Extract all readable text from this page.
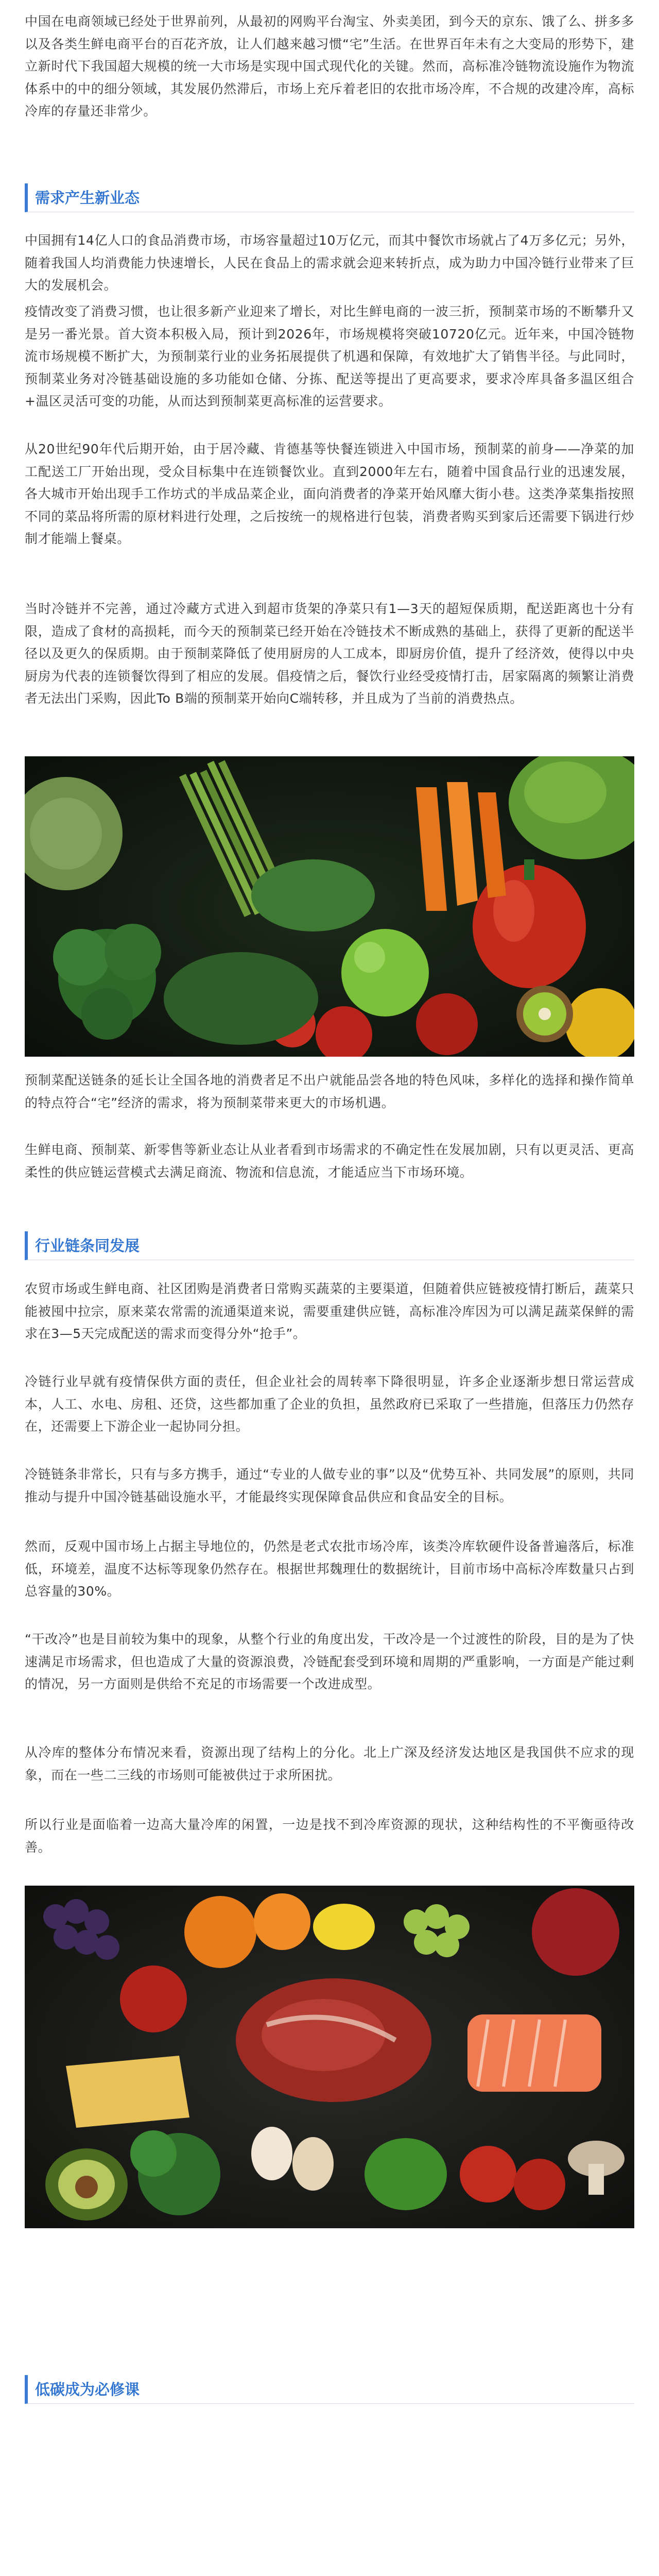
中国在电商领域已经处于世界前列，从最初的网购平台淘宝、外卖美团，到今天的京东、饿了么、拼多多以及各类生鲜电商平台的百花齐放，让人们越来越习惯“宅”生活。在世界百年未有之大变局的形势下，建立新时代下我国超大规模的统一大市场是实现中国式现代化的关键。然而，高标准冷链物流设施作为物流体系中的中的细分领域，其发展仍然滞后，市场上充斥着老旧的农批市场冷库，不合规的改建冷库，高标冷库的存量还非常少。

需求产生新业态

中国拥有14亿人口的食品消费市场，市场容量超过10万亿元，而其中餐饮市场就占了4万多亿元；另外，随着我国人均消费能力快速增长，人民在食品上的需求就会迎来转折点，成为助力中国冷链行业带来了巨大的发展机会。

疫情改变了消费习惯，也让很多新产业迎来了增长，对比生鲜电商的一波三折，预制菜市场的不断攀升又是另一番光景。首大资本积极入局，预计到2026年，市场规模将突破10720亿元。近年来，中国冷链物流市场规模不断扩大，为预制菜行业的业务拓展提供了机遇和保障，有效地扩大了销售半径。与此同时，预制菜业务对冷链基础设施的多功能如仓储、分拣、配送等提出了更高要求，要求冷库具备多温区组合+温区灵活可变的功能，从而达到预制菜更高标准的运营要求。

从20世纪90年代后期开始，由于居冷藏、肯德基等快餐连锁进入中国市场，预制菜的前身——净菜的加工配送工厂开始出现，受众目标集中在连锁餐饮业。直到2000年左右，随着中国食品行业的迅速发展，各大城市开始出现手工作坊式的半成品菜企业，面向消费者的净菜开始风靡大街小巷。这类净菜集指按照不同的菜品将所需的原材料进行处理，之后按统一的规格进行包装，消费者购买到家后还需要下锅进行炒制才能端上餐桌。

当时冷链并不完善，通过冷藏方式进入到超市货架的净菜只有1—3天的超短保质期，配送距离也十分有限，造成了食材的高损耗，而今天的预制菜已经开始在冷链技术不断成熟的基础上，获得了更新的配送半径以及更久的保质期。由于预制菜降低了使用厨房的人工成本，即厨房价值，提升了经济效，使得以中央厨房为代表的连锁餐饮得到了相应的发展。倡疫情之后，餐饮行业经受疫情打击，居家隔离的频繁让消费者无法出门采购，因此To B端的预制菜开始向C端转移，并且成为了当前的消费热点。

预制菜配送链条的延长让全国各地的消费者足不出户就能品尝各地的特色风味，多样化的选择和操作简单的特点符合“宅”经济的需求，将为预制菜带来更大的市场机遇。

生鲜电商、预制菜、新零售等新业态让从业者看到市场需求的不确定性在发展加剧，只有以更灵活、更高柔性的供应链运营模式去满足商流、物流和信息流，才能适应当下市场环境。

行业链条同发展

农贸市场或生鲜电商、社区团购是消费者日常购买蔬菜的主要渠道，但随着供应链被疫情打断后，蔬菜只能被囤中拉宗，原来菜农常需的流通渠道来说，需要重建供应链，高标准冷库因为可以满足蔬菜保鲜的需求在3—5天完成配送的需求而变得分外“抢手”。

冷链行业早就有疫情保供方面的责任，但企业社会的周转率下降很明显，许多企业逐渐步想日常运营成本，人工、水电、房租、还贷，这些都加重了企业的负担，虽然政府已采取了一些措施，但落压力仍然存在，还需要上下游企业一起协同分担。

冷链链条非常长，只有与多方携手，通过“专业的人做专业的事”以及“优势互补、共同发展”的原则，共同推动与提升中国冷链基础设施水平，才能最终实现保障食品供应和食品安全的目标。

然而，反观中国市场上占据主导地位的，仍然是老式农批市场冷库，该类冷库软硬件设备普遍落后，标准低，环境差，温度不达标等现象仍然存在。根据世邦魏理仕的数据统计，目前市场中高标冷库数量只占到总容量的30%。

“干改冷”也是目前较为集中的现象，从整个行业的角度出发，干改冷是一个过渡性的阶段，目的是为了快速满足市场需求，但也造成了大量的资源浪费，冷链配套受到环境和周期的严重影响，一方面是产能过剩的情况，另一方面则是供给不充足的市场需要一个改进成型。

从冷库的整体分布情况来看，资源出现了结构上的分化。北上广深及经济发达地区是我国供不应求的现象，而在一些二三线的市场则可能被供过于求所困扰。

所以行业是面临着一边高大量冷库的闲置，一边是找不到冷库资源的现状，这种结构性的不平衡亟待改善。

低碳成为必修课
